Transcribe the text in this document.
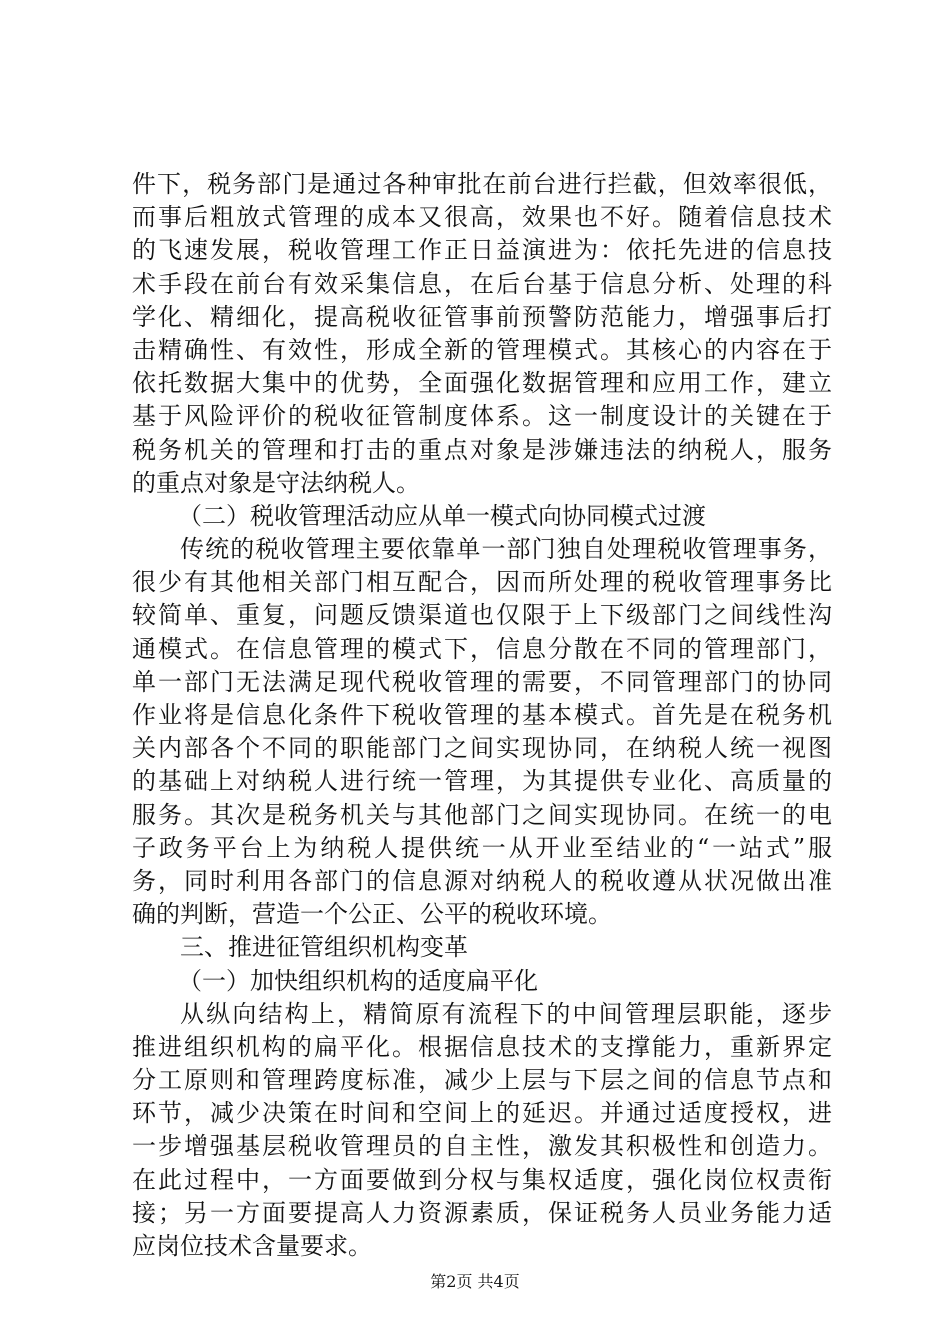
件下，税务部门是通过各种审批在前台进行拦截，但效率很低，
而事后粗放式管理的成本又很高，效果也不好。随着信息技术
的飞速发展，税收管理工作正日益演进为：依托先进的信息技
术手段在前台有效采集信息，在后台基于信息分析、处理的科
学化、精细化，提高税收征管事前预警防范能力，增强事后打
击精确性、有效性，形成全新的管理模式。其核心的内容在于
依托数据大集中的优势，全面强化数据管理和应用工作，建立
基于风险评价的税收征管制度体系。这一制度设计的关键在于
税务机关的管理和打击的重点对象是涉嫌违法的纳税人，服务
的重点对象是守法纳税人。
（二）税收管理活动应从单一模式向协同模式过渡
传统的税收管理主要依靠单一部门独自处理税收管理事务，
很少有其他相关部门相互配合，因而所处理的税收管理事务比
较简单、重复，问题反馈渠道也仅限于上下级部门之间线性沟
通模式。在信息管理的模式下，信息分散在不同的管理部门，
单一部门无法满足现代税收管理的需要，不同管理部门的协同
作业将是信息化条件下税收管理的基本模式。首先是在税务机
关内部各个不同的职能部门之间实现协同，在纳税人统一视图
的基础上对纳税人进行统一管理，为其提供专业化、高质量的
服务。其次是税务机关与其他部门之间实现协同。在统一的电
子政务平台上为纳税人提供统一从开业至结业的“一站式”服
务，同时利用各部门的信息源对纳税人的税收遵从状况做出准
确的判断，营造一个公正、公平的税收环境。
三、推进征管组织机构变革
（一）加快组织机构的适度扁平化
从纵向结构上，精简原有流程下的中间管理层职能，逐步
推进组织机构的扁平化。根据信息技术的支撑能力，重新界定
分工原则和管理跨度标准，减少上层与下层之间的信息节点和
环节，减少决策在时间和空间上的延迟。并通过适度授权，进
一步增强基层税收管理员的自主性，激发其积极性和创造力。
在此过程中，一方面要做到分权与集权适度，强化岗位权责衔
接；另一方面要提高人力资源素质，保证税务人员业务能力适
应岗位技术含量要求。
第2页 共4页
